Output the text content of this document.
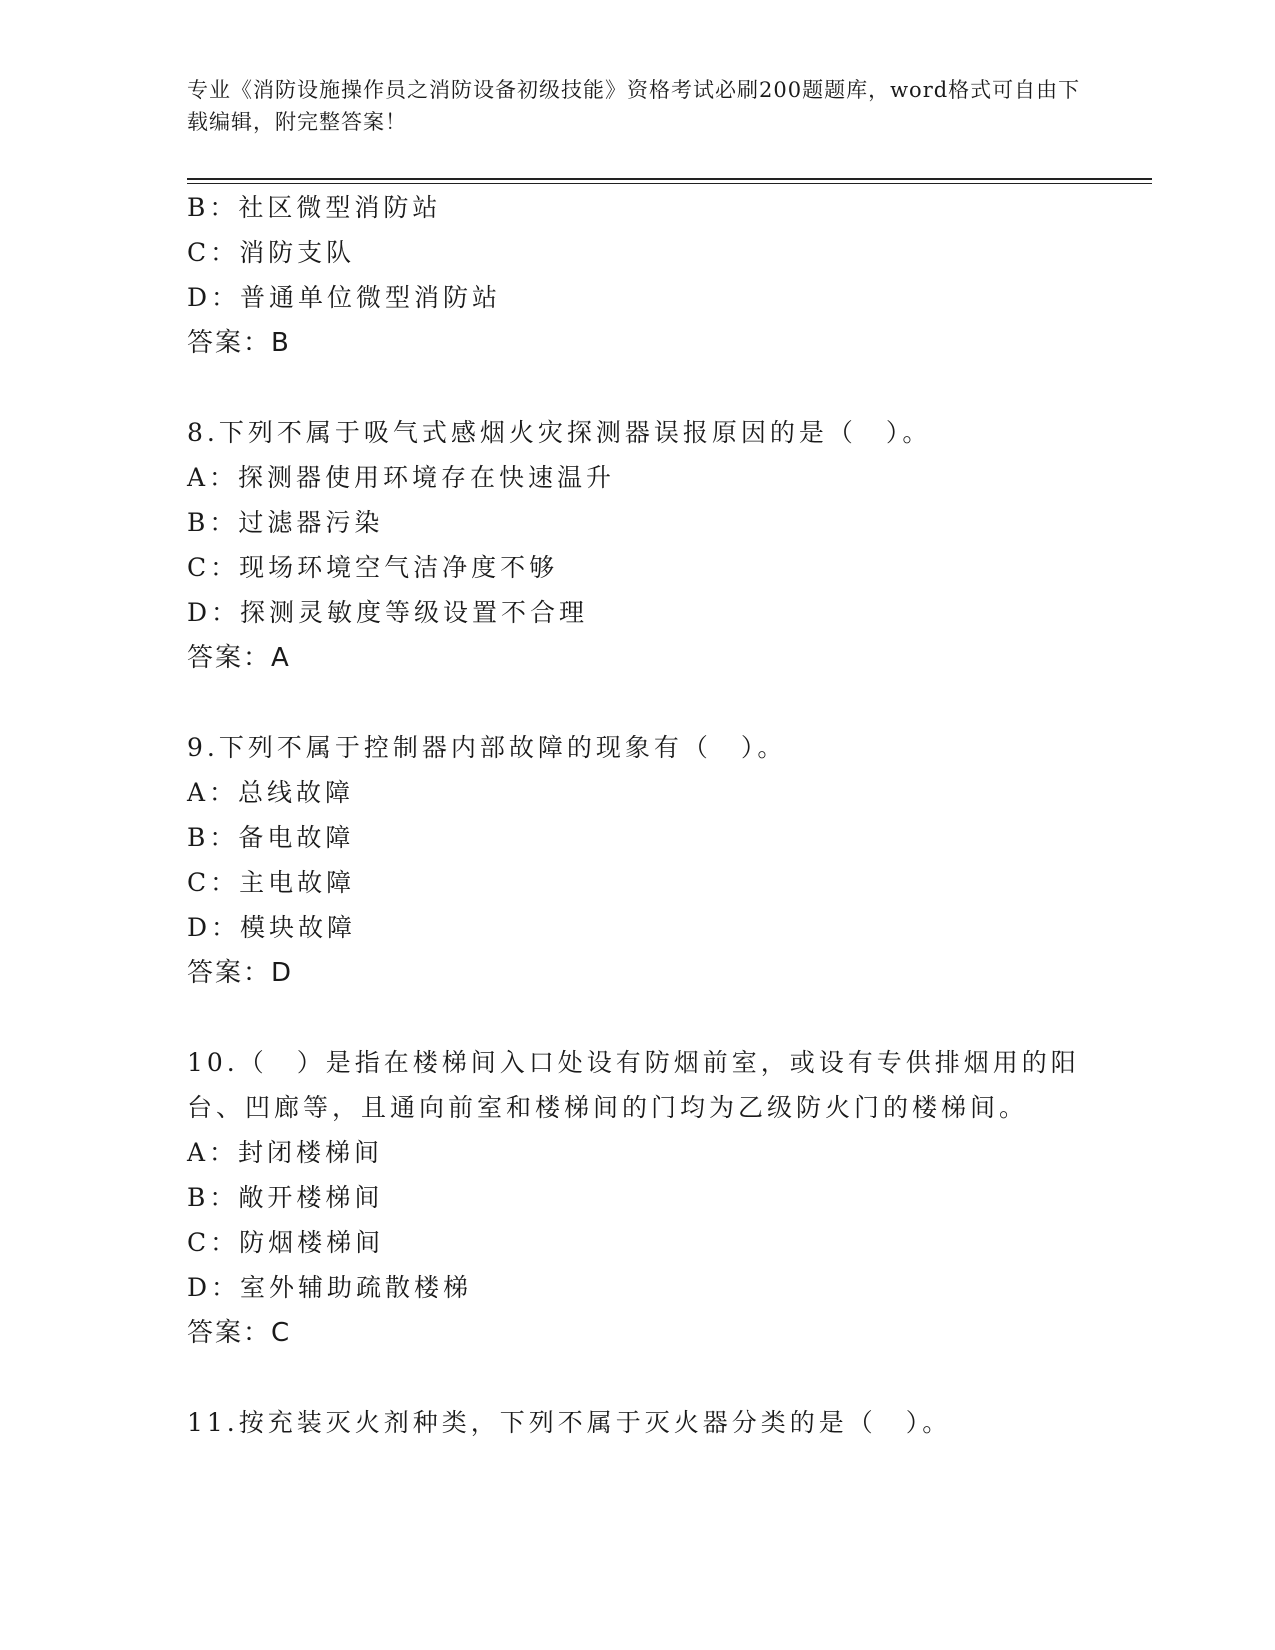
专业《消防设施操作员之消防设备初级技能》资格考试必刷200题题库，word格式可自由下载编辑，附完整答案！
B：社区微型消防站
C：消防支队
D：普通单位微型消防站
答案：B
8.下列不属于吸气式感烟火灾探测器误报原因的是（　）。
A：探测器使用环境存在快速温升
B：过滤器污染
C：现场环境空气洁净度不够
D：探测灵敏度等级设置不合理
答案：A
9.下列不属于控制器内部故障的现象有（　）。
A：总线故障
B：备电故障
C：主电故障
D：模块故障
答案：D
10.（　）是指在楼梯间入口处设有防烟前室，或设有专供排烟用的阳
台、凹廊等，且通向前室和楼梯间的门均为乙级防火门的楼梯间。
A：封闭楼梯间
B：敞开楼梯间
C：防烟楼梯间
D：室外辅助疏散楼梯
答案：C
11.按充装灭火剂种类，下列不属于灭火器分类的是（　）。
